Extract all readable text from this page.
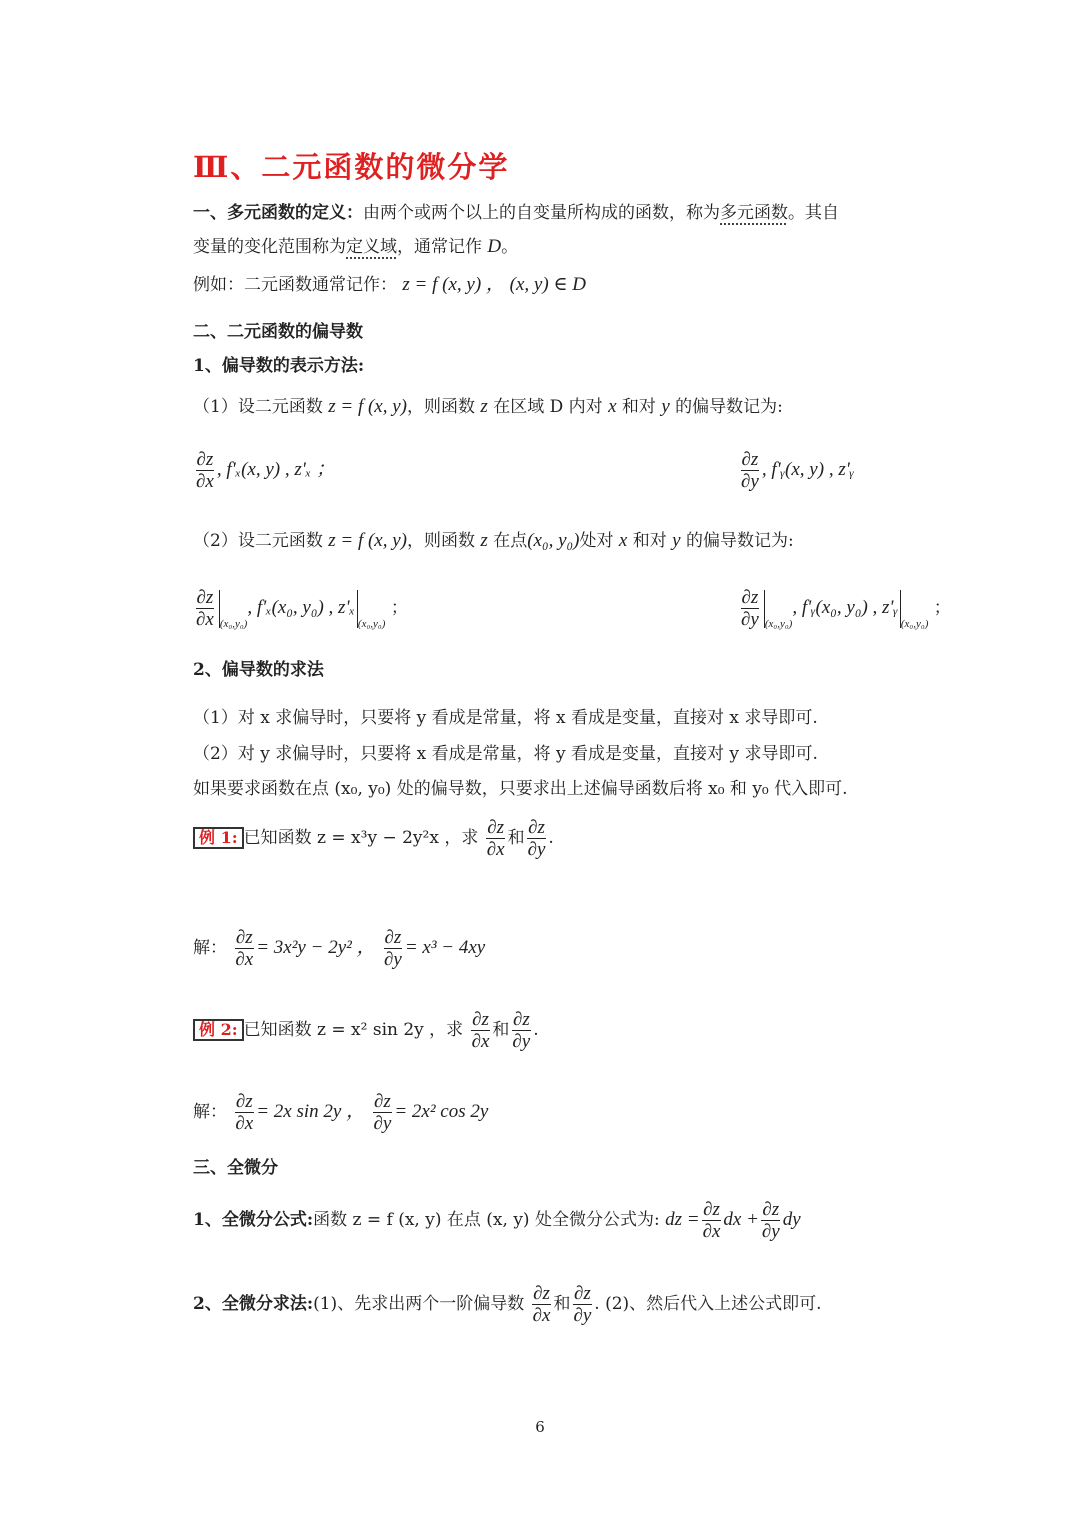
Ⅲ、二元函数的微分学
一、多元函数的定义：由两个或两个以上的自变量所构成的函数，称为多元函数。其自
变量的变化范围称为定义域，通常记作 D。
例如：二元函数通常记作： z = f (x, y) ， (x, y) ∈ D
二、二元函数的偏导数
1、偏导数的表示方法:
（1）设二元函数 z = f (x, y)，则函数 z 在区域 D 内对 x 和对 y 的偏导数记为:
$\frac{\partial z}{\partial x}$ , f'ₓ(x, y) , z'ₓ ；	$\frac{\partial z}{\partial y}$ , f'ᵧ(x, y) , z'ᵧ
（2）设二元函数 z = f (x, y)，则函数 z 在点(x₀, y₀)处对 x 和对 y 的偏导数记为:
$\frac{\partial z}{\partial x} _{(x_0,y_0)}$, f'ₓ(x₀, y₀) , z'ₓ$_{(x_0,y_0)}$ ；	$\frac{\partial z}{\partial y} _{(x_0,y_0)}$, f'ᵧ(x₀, y₀) , z'ᵧ$_{(x_0,y_0)}$ ；
2、偏导数的求法
（1）对 x 求偏导时，只要将 y 看成是常量，将 x 看成是变量，直接对 x 求导即可.
（2）对 y 求偏导时，只要将 x 看成是常量，将 y 看成是变量，直接对 y 求导即可.
如果要求函数在点 (x₀, y₀) 处的偏导数，只要求出上述偏导函数后将 x₀ 和 y₀ 代入即可.
例 1: 已知函数 z = x³y − 2y²x ，求 $\frac{\partial z}{\partial x}$ 和 $\frac{\partial z}{\partial y}$ .
解： $\frac{\partial z}{\partial x} = 3x^2y - 2y^2$ ， $\frac{\partial z}{\partial y} = x^3 - 4xy$
例 2: 已知函数 z = x² sin 2y ，求 $\frac{\partial z}{\partial x}$ 和 $\frac{\partial z}{\partial y}$ .
解： $\frac{\partial z}{\partial x} = 2x$ sin 2y ， $\frac{\partial z}{\partial y} = 2x^2$ cos 2y
三、全微分
1、全微分公式:函数 z = f (x, y) 在点 (x, y) 处全微分公式为: dz = $\frac{\partial z}{\partial x}$ dx + $\frac{\partial z}{\partial y}$ dy
2、全微分求法:(1)、先求出两个一阶偏导数 $\frac{\partial z}{\partial x}$ 和 $\frac{\partial z}{\partial y}$ . (2)、然后代入上述公式即可.
6
